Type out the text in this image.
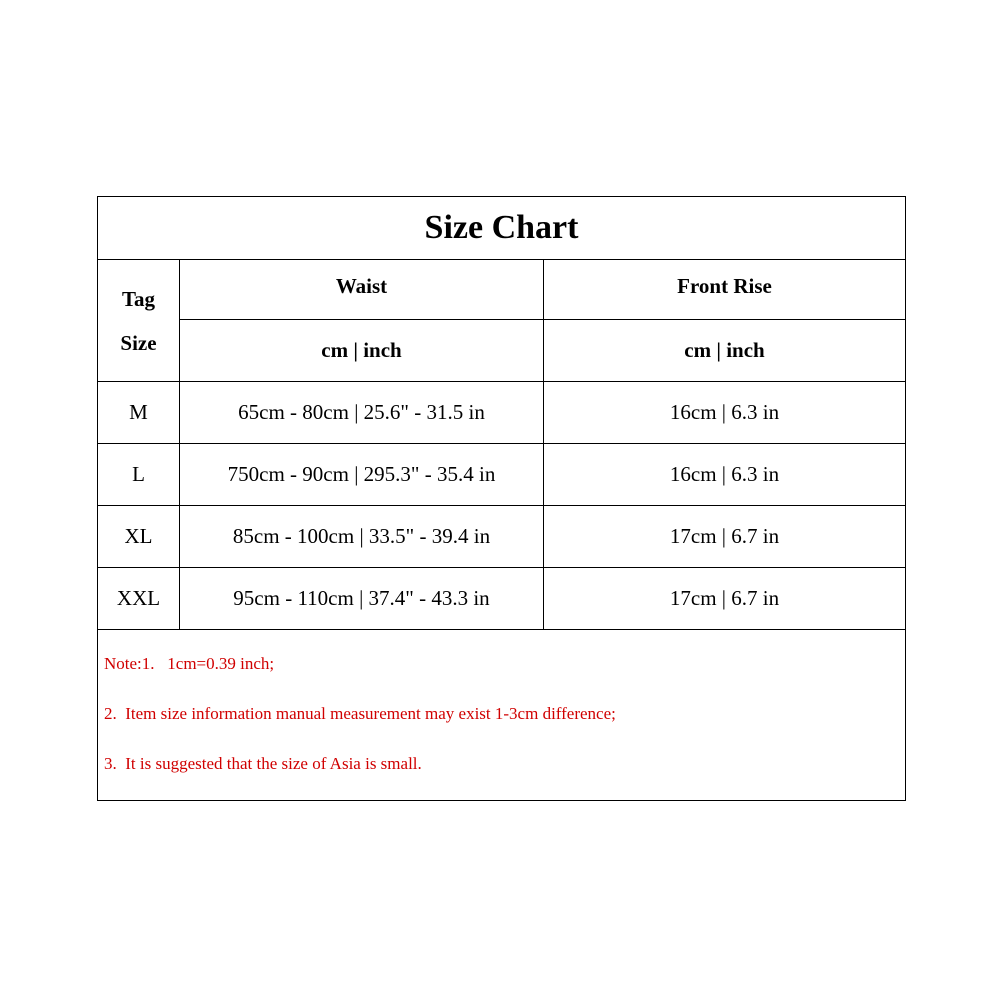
Size Chart
Tag
Size
Waist	Front Rise
cm | inch	cm | inch
M	65cm - 80cm | 25.6" - 31.5 in	16cm | 6.3 in
L	750cm - 90cm | 295.3" - 35.4 in	16cm | 6.3 in
XL	85cm - 100cm | 33.5" - 39.4 in	17cm | 6.7 in
XXL	95cm - 110cm | 37.4" - 43.3 in	17cm | 6.7 in
Note:1.   1cm=0.39 inch;
2.  Item size information manual measurement may exist 1-3cm difference;
3.  It is suggested that the size of Asia is small.
